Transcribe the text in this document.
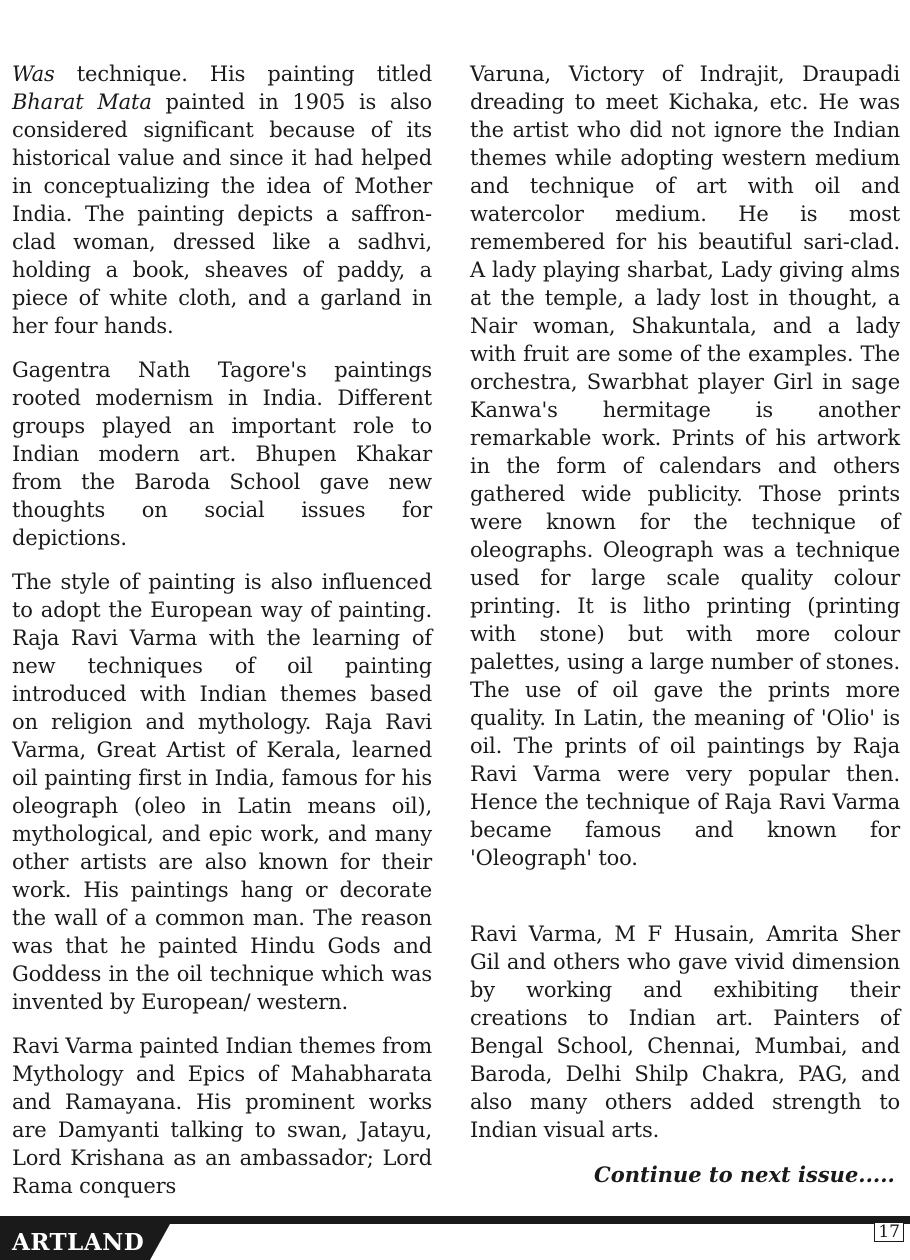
Was technique. His painting titled Bharat Mata painted in 1905 is also considered significant because of its historical value and since it had helped in conceptualizing the idea of Mother India. The painting depicts a saffron-clad woman, dressed like a sadhvi, holding a book, sheaves of paddy, a piece of white cloth, and a garland in her four hands.

Gagentra Nath Tagore's paintings rooted modernism in India. Different groups played an important role to Indian modern art. Bhupen Khakar from the Baroda School gave new thoughts on social issues for depictions.

The style of painting is also influenced to adopt the European way of painting. Raja Ravi Varma with the learning of new techniques of oil painting introduced with Indian themes based on religion and mythology. Raja Ravi Varma, Great Artist of Kerala, learned oil painting first in India, famous for his oleograph (oleo in Latin means oil), mythological, and epic work, and many other artists are also known for their work. His paintings hang or decorate the wall of a common man. The reason was that he painted Hindu Gods and Goddess in the oil technique which was invented by European/ western.

Ravi Varma painted Indian themes from Mythology and Epics of Mahabharata and Ramayana. His prominent works are Damyanti talking to swan, Jatayu, Lord Krishana as an ambassador; Lord Rama conquers

Varuna, Victory of Indrajit, Draupadi dreading to meet Kichaka, etc. He was the artist who did not ignore the Indian themes while adopting western medium and technique of art with oil and watercolor medium. He is most remembered for his beautiful sari-clad. A lady playing sharbat, Lady giving alms at the temple, a lady lost in thought, a Nair woman, Shakuntala, and a lady with fruit are some of the examples. The orchestra, Swarbhat player Girl in sage Kanwa's hermitage is another remarkable work. Prints of his artwork in the form of calendars and others gathered wide publicity. Those prints were known for the technique of oleographs. Oleograph was a technique used for large scale quality colour printing. It is litho printing (printing with stone) but with more colour palettes, using a large number of stones. The use of oil gave the prints more quality. In Latin, the meaning of 'Olio' is oil. The prints of oil paintings by Raja Ravi Varma were very popular then. Hence the technique of Raja Ravi Varma became famous and known for 'Oleograph' too.

Ravi Varma, M F Husain, Amrita Sher Gil and others who gave vivid dimension by working and exhibiting their creations to Indian art. Painters of Bengal School, Chennai, Mumbai, and Baroda, Delhi Shilp Chakra, PAG, and also many others added strength to Indian visual arts.

Continue to next issue.....
ARTLAND	17
